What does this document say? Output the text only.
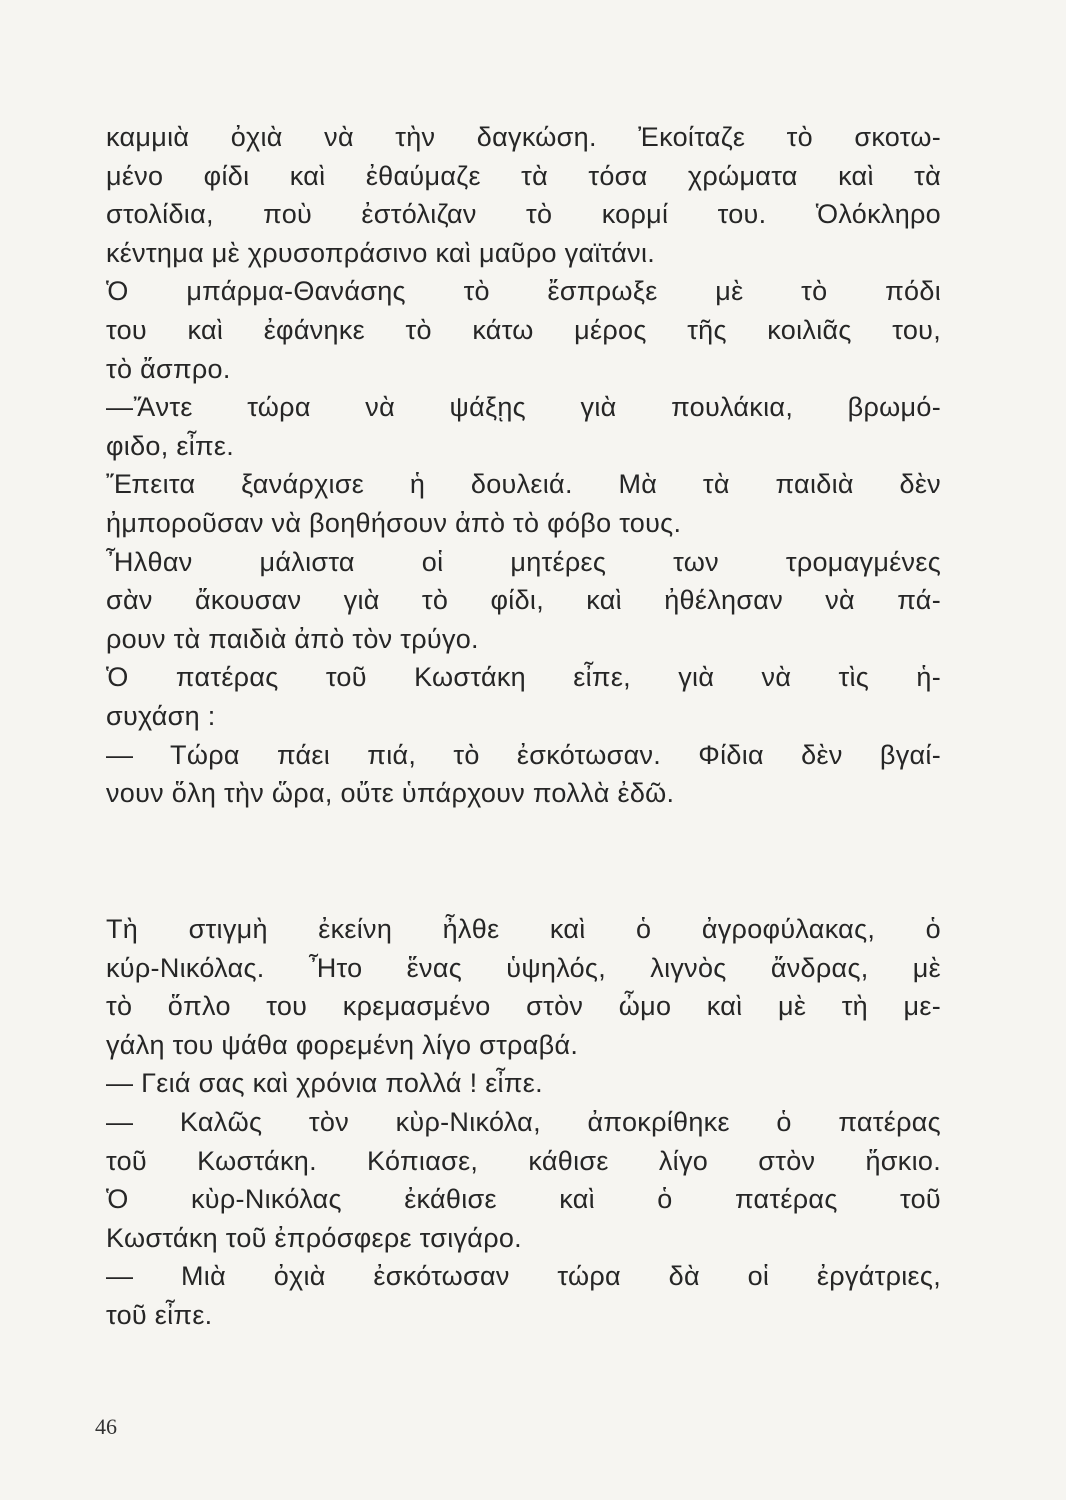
καμμιὰ ὀχιὰ νὰ τὴν δαγκώση. Ἐκοίταζε τὸ σκοτω-
μένο φίδι καὶ ἐθαύμαζε τὰ τόσα χρώματα καὶ τὰ
στολίδια, ποὺ ἐστόλιζαν τὸ κορμί του. Ὁλόκληρο
κέντημα μὲ χρυσοπράσινο καὶ μαῦρο γαϊτάνι.
Ὁ μπάρμα-Θανάσης τὸ ἔσπρωξε μὲ τὸ πόδι
του καὶ ἐφάνηκε τὸ κάτω μέρος τῆς κοιλιᾶς του,
τὸ ἄσπρο.
—Ἄντε τώρα νὰ ψάξῃς γιὰ πουλάκια, βρωμό-
φιδο, εἶπε.
Ἔπειτα ξανάρχισε ἡ δουλειά. Μὰ τὰ παιδιὰ δὲν
ἠμποροῦσαν νὰ βοηθήσουν ἀπὸ τὸ φόβο τους.
Ἦλθαν μάλιστα οἱ μητέρες των τρομαγμένες
σὰν ἄκουσαν γιὰ τὸ φίδι, καὶ ἠθέλησαν νὰ πά-
ρουν τὰ παιδιὰ ἀπὸ τὸν τρύγο.
Ὁ πατέρας τοῦ Κωστάκη εἶπε, γιὰ νὰ τὶς ἡ-
συχάση :
— Τώρα πάει πιά, τὸ ἐσκότωσαν. Φίδια δὲν βγαί-
νουν ὅλη τὴν ὥρα, οὔτε ὑπάρχουν πολλὰ ἐδῶ.
Τὴ στιγμὴ ἐκείνη ἦλθε καὶ ὁ ἀγροφύλακας, ὁ
κύρ-Νικόλας. Ἦτο ἕνας ὑψηλός, λιγνὸς ἄνδρας, μὲ
τὸ ὅπλο του κρεμασμένο στὸν ὦμο καὶ μὲ τὴ με-
γάλη του ψάθα φορεμένη λίγο στραβά.
— Γειά σας καὶ χρόνια πολλά ! εἶπε.
— Καλῶς τὸν κὺρ-Νικόλα, ἀποκρίθηκε ὁ πατέρας
τοῦ Κωστάκη. Κόπιασε, κάθισε λίγο στὸν ἥσκιο.
Ὁ κὺρ-Νικόλας ἐκάθισε καὶ ὁ πατέρας τοῦ
Κωστάκη τοῦ ἐπρόσφερε τσιγάρο.
— Μιὰ ὀχιὰ ἐσκότωσαν τώρα δὰ οἱ ἐργάτριες,
τοῦ εἶπε.
46
